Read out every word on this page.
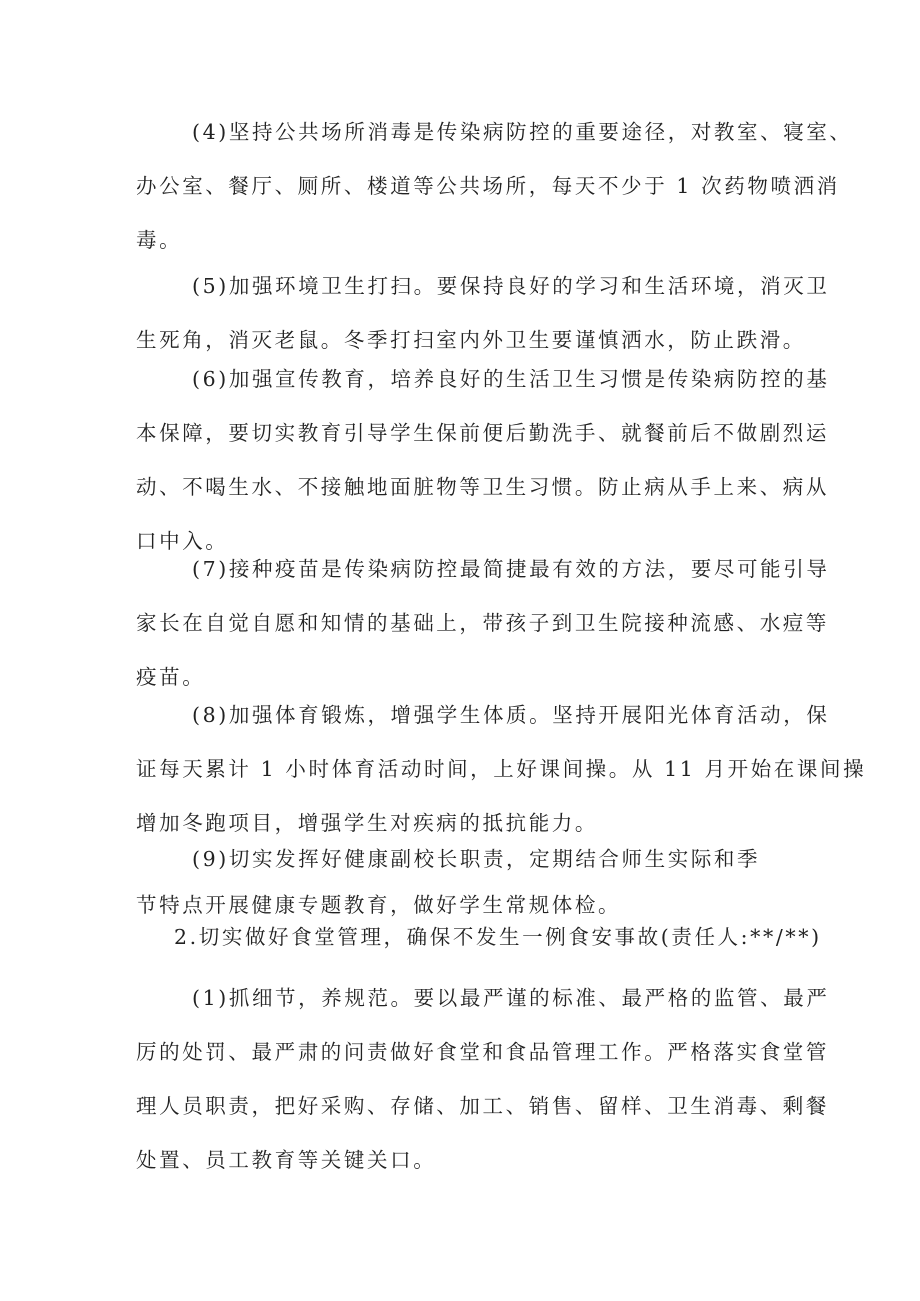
(4)坚持公共场所消毒是传染病防控的重要途径，对教室、寝室、
办公室、餐厅、厕所、楼道等公共场所，每天不少于 1 次药物喷洒消
毒。
(5)加强环境卫生打扫。要保持良好的学习和生活环境，消灭卫
生死角，消灭老鼠。冬季打扫室内外卫生要谨慎洒水，防止跌滑。
(6)加强宣传教育，培养良好的生活卫生习惯是传染病防控的基
本保障，要切实教育引导学生保前便后勤洗手、就餐前后不做剧烈运
动、不喝生水、不接触地面脏物等卫生习惯。防止病从手上来、病从
口中入。
(7)接种疫苗是传染病防控最简捷最有效的方法，要尽可能引导
家长在自觉自愿和知情的基础上，带孩子到卫生院接种流感、水痘等
疫苗。
(8)加强体育锻炼，增强学生体质。坚持开展阳光体育活动，保
证每天累计 1 小时体育活动时间，上好课间操。从 11 月开始在课间操
增加冬跑项目，增强学生对疾病的抵抗能力。
(9)切实发挥好健康副校长职责，定期结合师生实际和季
节特点开展健康专题教育，做好学生常规体检。
2.切实做好食堂管理，确保不发生一例食安事故(责任人:**/**)
(1)抓细节，养规范。要以最严谨的标准、最严格的监管、最严
厉的处罚、最严肃的问责做好食堂和食品管理工作。严格落实食堂管
理人员职责，把好采购、存储、加工、销售、留样、卫生消毒、剩餐
处置、员工教育等关键关口。
